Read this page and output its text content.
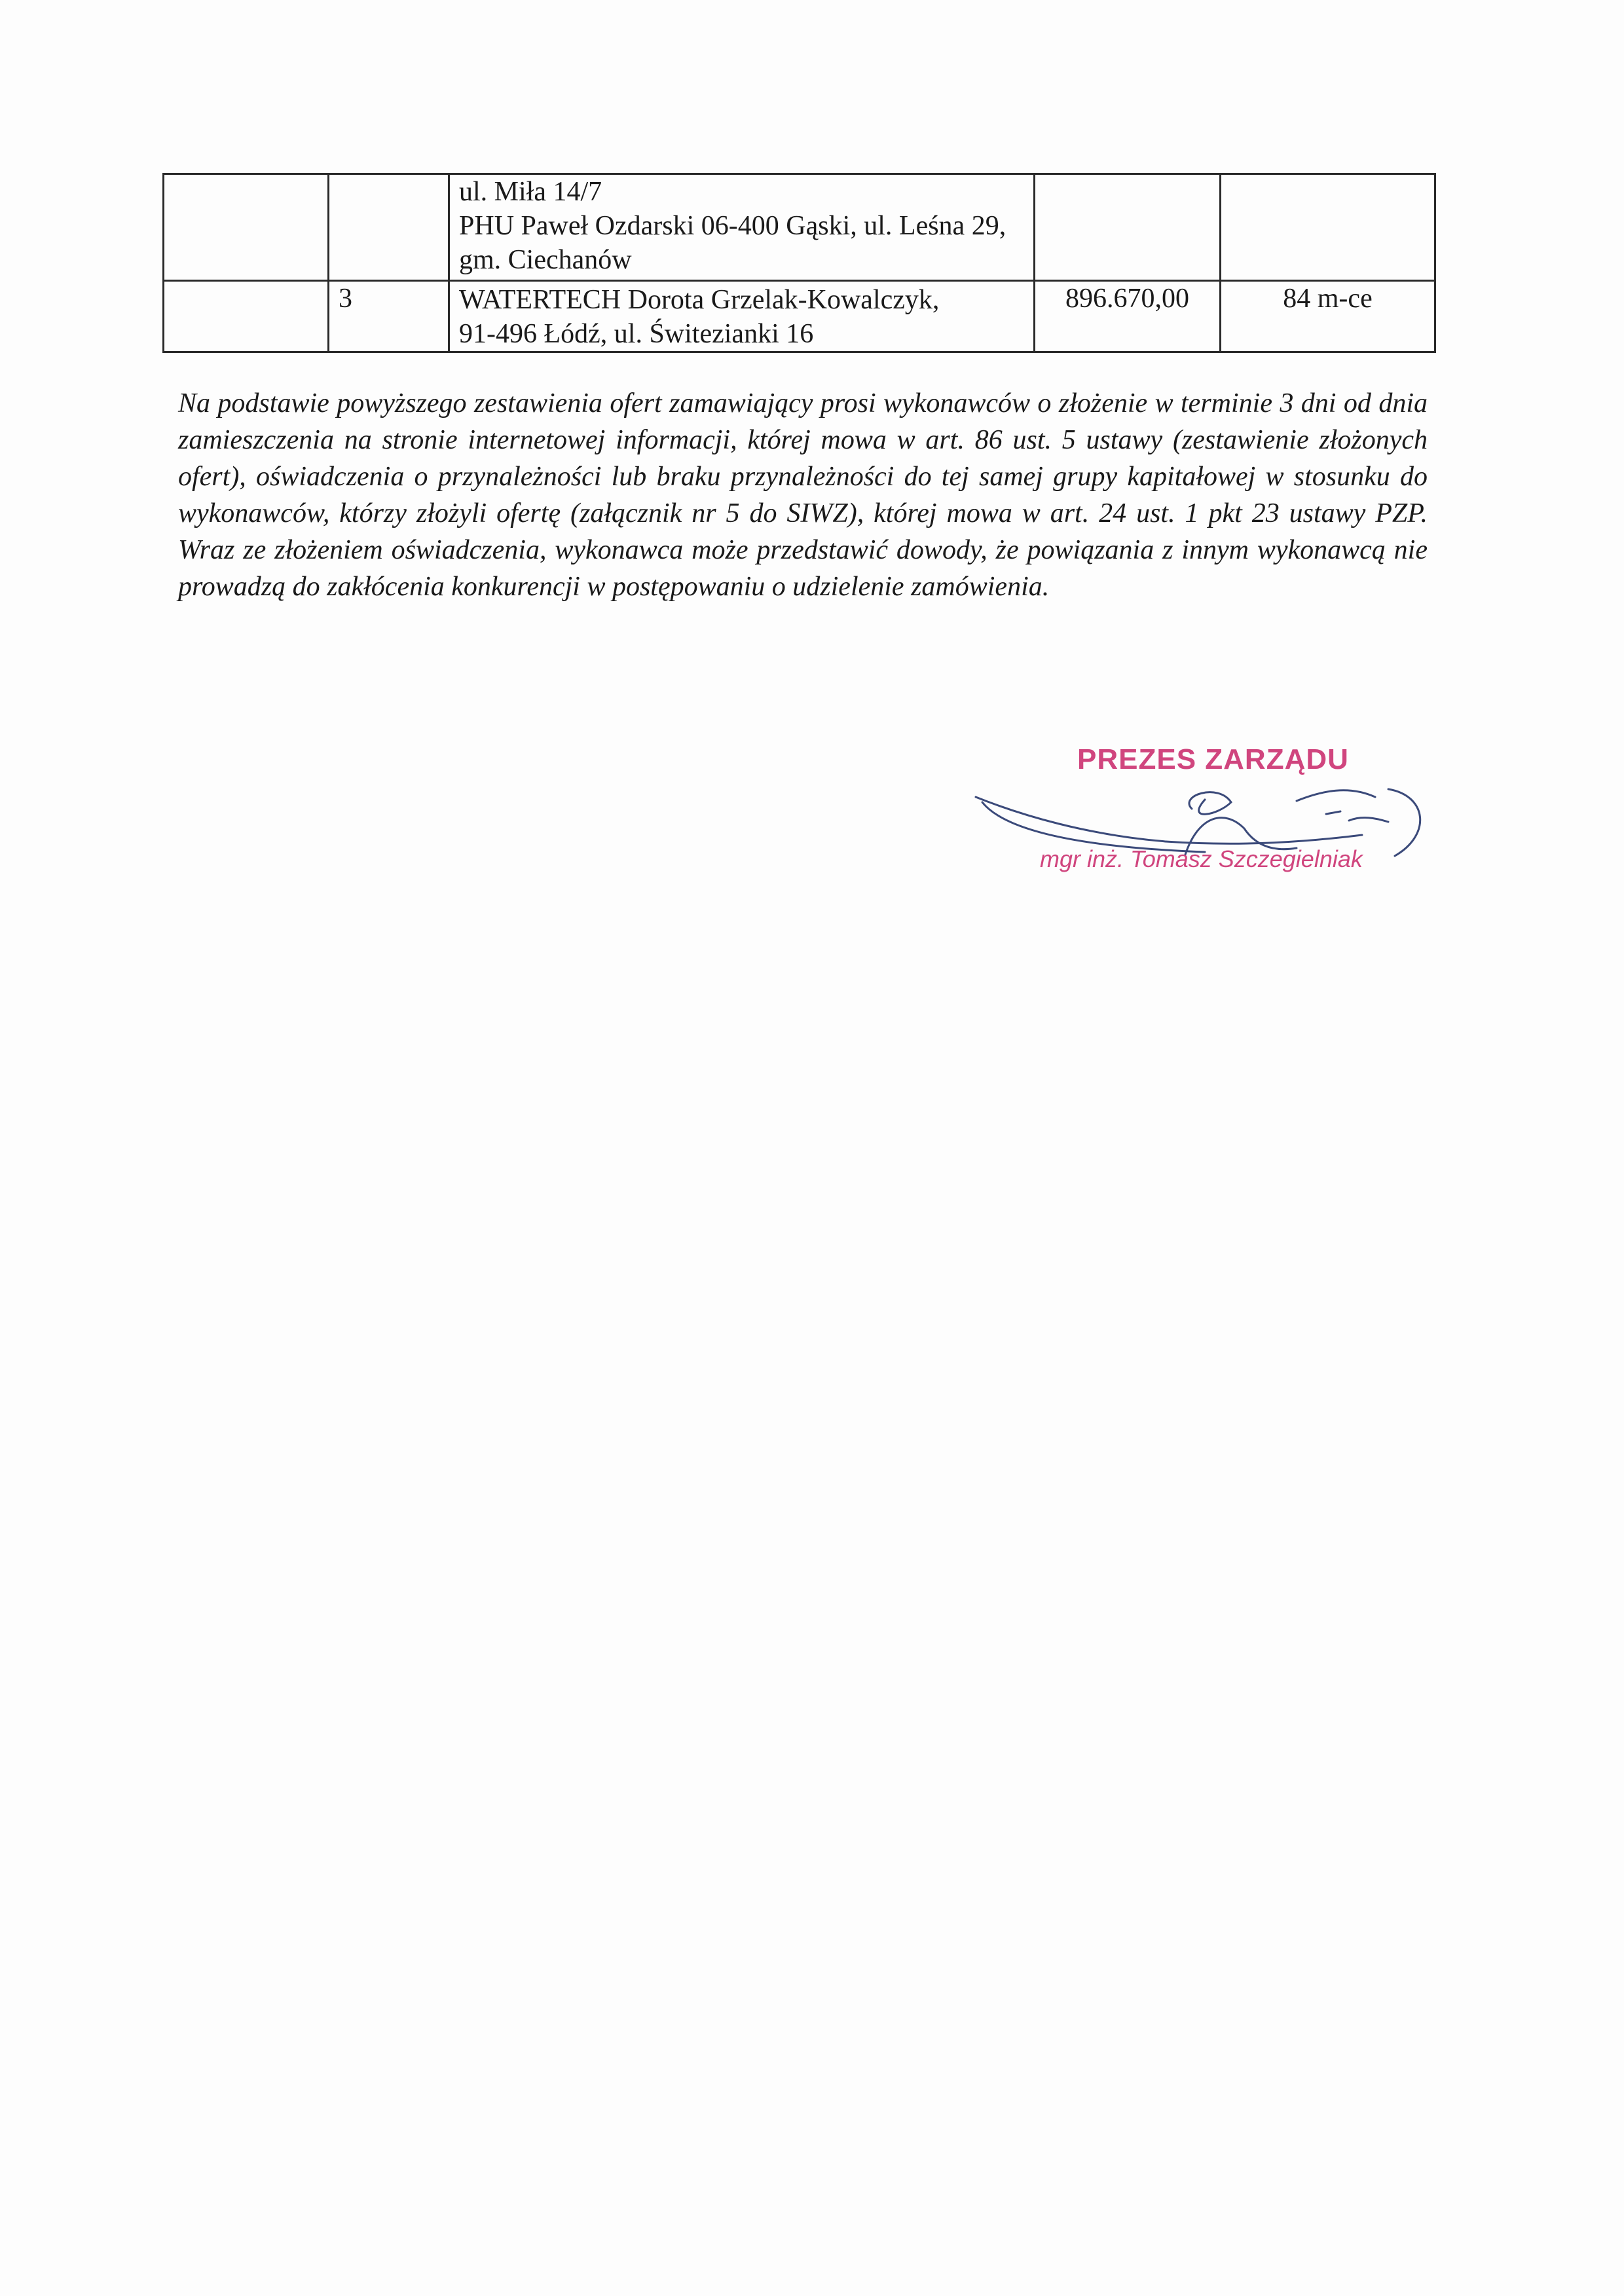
		ul. Miła 14/7
PHU Paweł Ozdarski 06-400 Gąski, ul. Leśna 29, gm. Ciechanów		

	3	WATERTECH Dorota Grzelak-Kowalczyk,
91-496 Łódź, ul. Świtezianki 16	896.670,00	84 m-ce

Na podstawie powyższego zestawienia ofert zamawiający prosi wykonawców o złożenie w terminie 3 dni od dnia zamieszczenia na stronie internetowej informacji, której mowa w art. 86 ust. 5 ustawy (zestawienie złożonych ofert), oświadczenia o przynależności lub braku przynależności do tej samej grupy kapitałowej w stosunku do wykonawców, którzy złożyli ofertę (załącznik nr 5 do SIWZ), której mowa w art. 24 ust. 1 pkt 23 ustawy PZP. Wraz ze złożeniem oświadczenia, wykonawca może przedstawić dowody, że powiązania z innym wykonawcą nie prowadzą do zakłócenia konkurencji w postępowaniu o udzielenie zamówienia.

PREZES ZARZĄDU
mgr inż. Tomasz Szczegielniak
